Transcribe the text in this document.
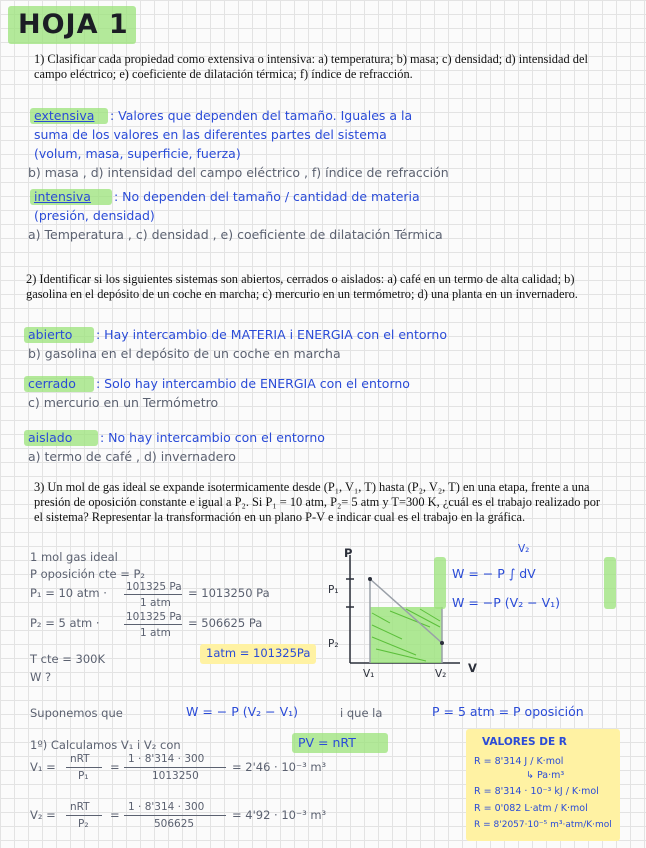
HOJA 1
1) Clasificar cada propiedad como extensiva o intensiva: a) temperatura; b) masa; c) densidad; d) intensidad del campo eléctrico; e) coeficiente de dilatación térmica; f) índice de refracción.
extensiva : Valores que dependen del tamaño. Iguales a la
suma de los valores en las diferentes partes del sistema
(volum, masa, superficie, fuerza)
b) masa , d) intensidad del campo eléctrico , f) índice de refracción
intensiva : No dependen del tamaño / cantidad de materia
(presión, densidad)
a) Temperatura , c) densidad , e) coeficiente de dilatación Térmica
2) Identificar si los siguientes sistemas son abiertos, cerrados o aislados: a) café en un termo de alta calidad; b) gasolina en el depósito de un coche en marcha; c) mercurio en un termómetro; d) una planta en un invernadero.
abierto : Hay intercambio de MATERIA i ENERGIA con el entorno
b) gasolina en el depósito de un coche en marcha
cerrado : Solo hay intercambio de ENERGIA con el entorno
c) mercurio en un Termómetro
aislado : No hay intercambio con el entorno
a) termo de café , d) invernadero
3) Un mol de gas ideal se expande isotermicamente desde (P₁, V₁, T) hasta (P₂, V₂, T) en una etapa, frente a una presión de oposición constante e igual a P₂. Si P₁ = 10 atm, P₂= 5 atm y T=300 K, ¿cuál es el trabajo realizado por el sistema? Representar la transformación en un plano P-V e indicar cual es el trabajo en la gráfica.
1 mol gas ideal
P oposición cte = P₂
P₁ = 10 atm · 101325 Pa
1 atm
= 1013250 Pa
P₂ = 5 atm ·	101325 Pa
1 atm
= 506625 Pa
1atm = 101325Pa
T cte = 300K
W ?
P
V
P₁
P₂
V₁	V₂
V₂
W = − P ∫ dV
W = −P (V₂ − V₁)
Suponemos que	W = − P (V₂ − V₁)	i que la	P = 5 atm = P oposición
1º) Calculamos V₁ i V₂ con	PV = nRT
V₁ =
nRT
P₁
=
1 · 8'314 · 300
1013250
= 2'46 · 10⁻³ m³
V₂ =
nRT
P₂
=
1 · 8'314 · 300
506625
= 4'92 · 10⁻³ m³
VALORES DE R
R = 8'314 J / K·mol
↳ Pa·m³
R = 8'314 · 10⁻³ kJ / K·mol
R = 0'082 L·atm / K·mol
R = 8'2057·10⁻⁵ m³·atm/K·mol
